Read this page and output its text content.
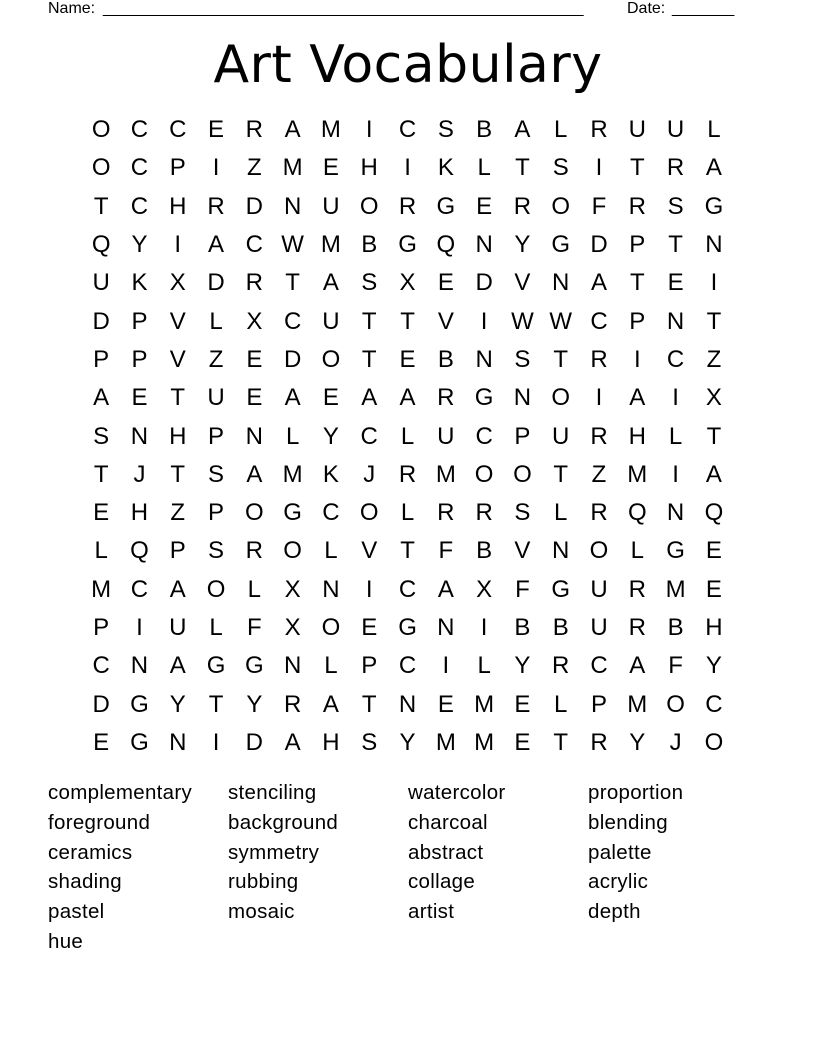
Name: ______________________________________________________	Date: _______
Art Vocabulary
O C C E R A M	I	C S B A L R U U L
O C P	I	Z M E H	I	K L	T S	I	T R A
T C H R D N U O R G E R O F R S G
Q Y	I	A C W M B G Q N Y G D P T N
U K X D R T A S X E D V N A T E	I
D P V L X C U T T V	I W W C P N T
P P V Z E D O T E B N S T R	I	C Z
A E T U E A E A A R G N O	I	A	I	X
S N H P N L Y C L U C P U R H L	T
T	J	T S A M K	J R M O O T Z M	I	A
E H Z P O G C O L R R S L R Q N Q
L Q P S R O L V T F B V N O L G E
M C A O L X N	I	C A X F G U R M E
P	I	U L	F X O E G N	I	B B U R B H
C N A G G N L P C	I	L Y R C A F Y
D G Y T Y R A T N E M E L P M O C
E G N	I	D A H S Y M M E T R Y	J O
complementary	stenciling	watercolor	proportion
foreground	background	charcoal	blending
ceramics	symmetry	abstract	palette
shading	rubbing	collage	acrylic
pastel	mosaic	artist	depth
hue
